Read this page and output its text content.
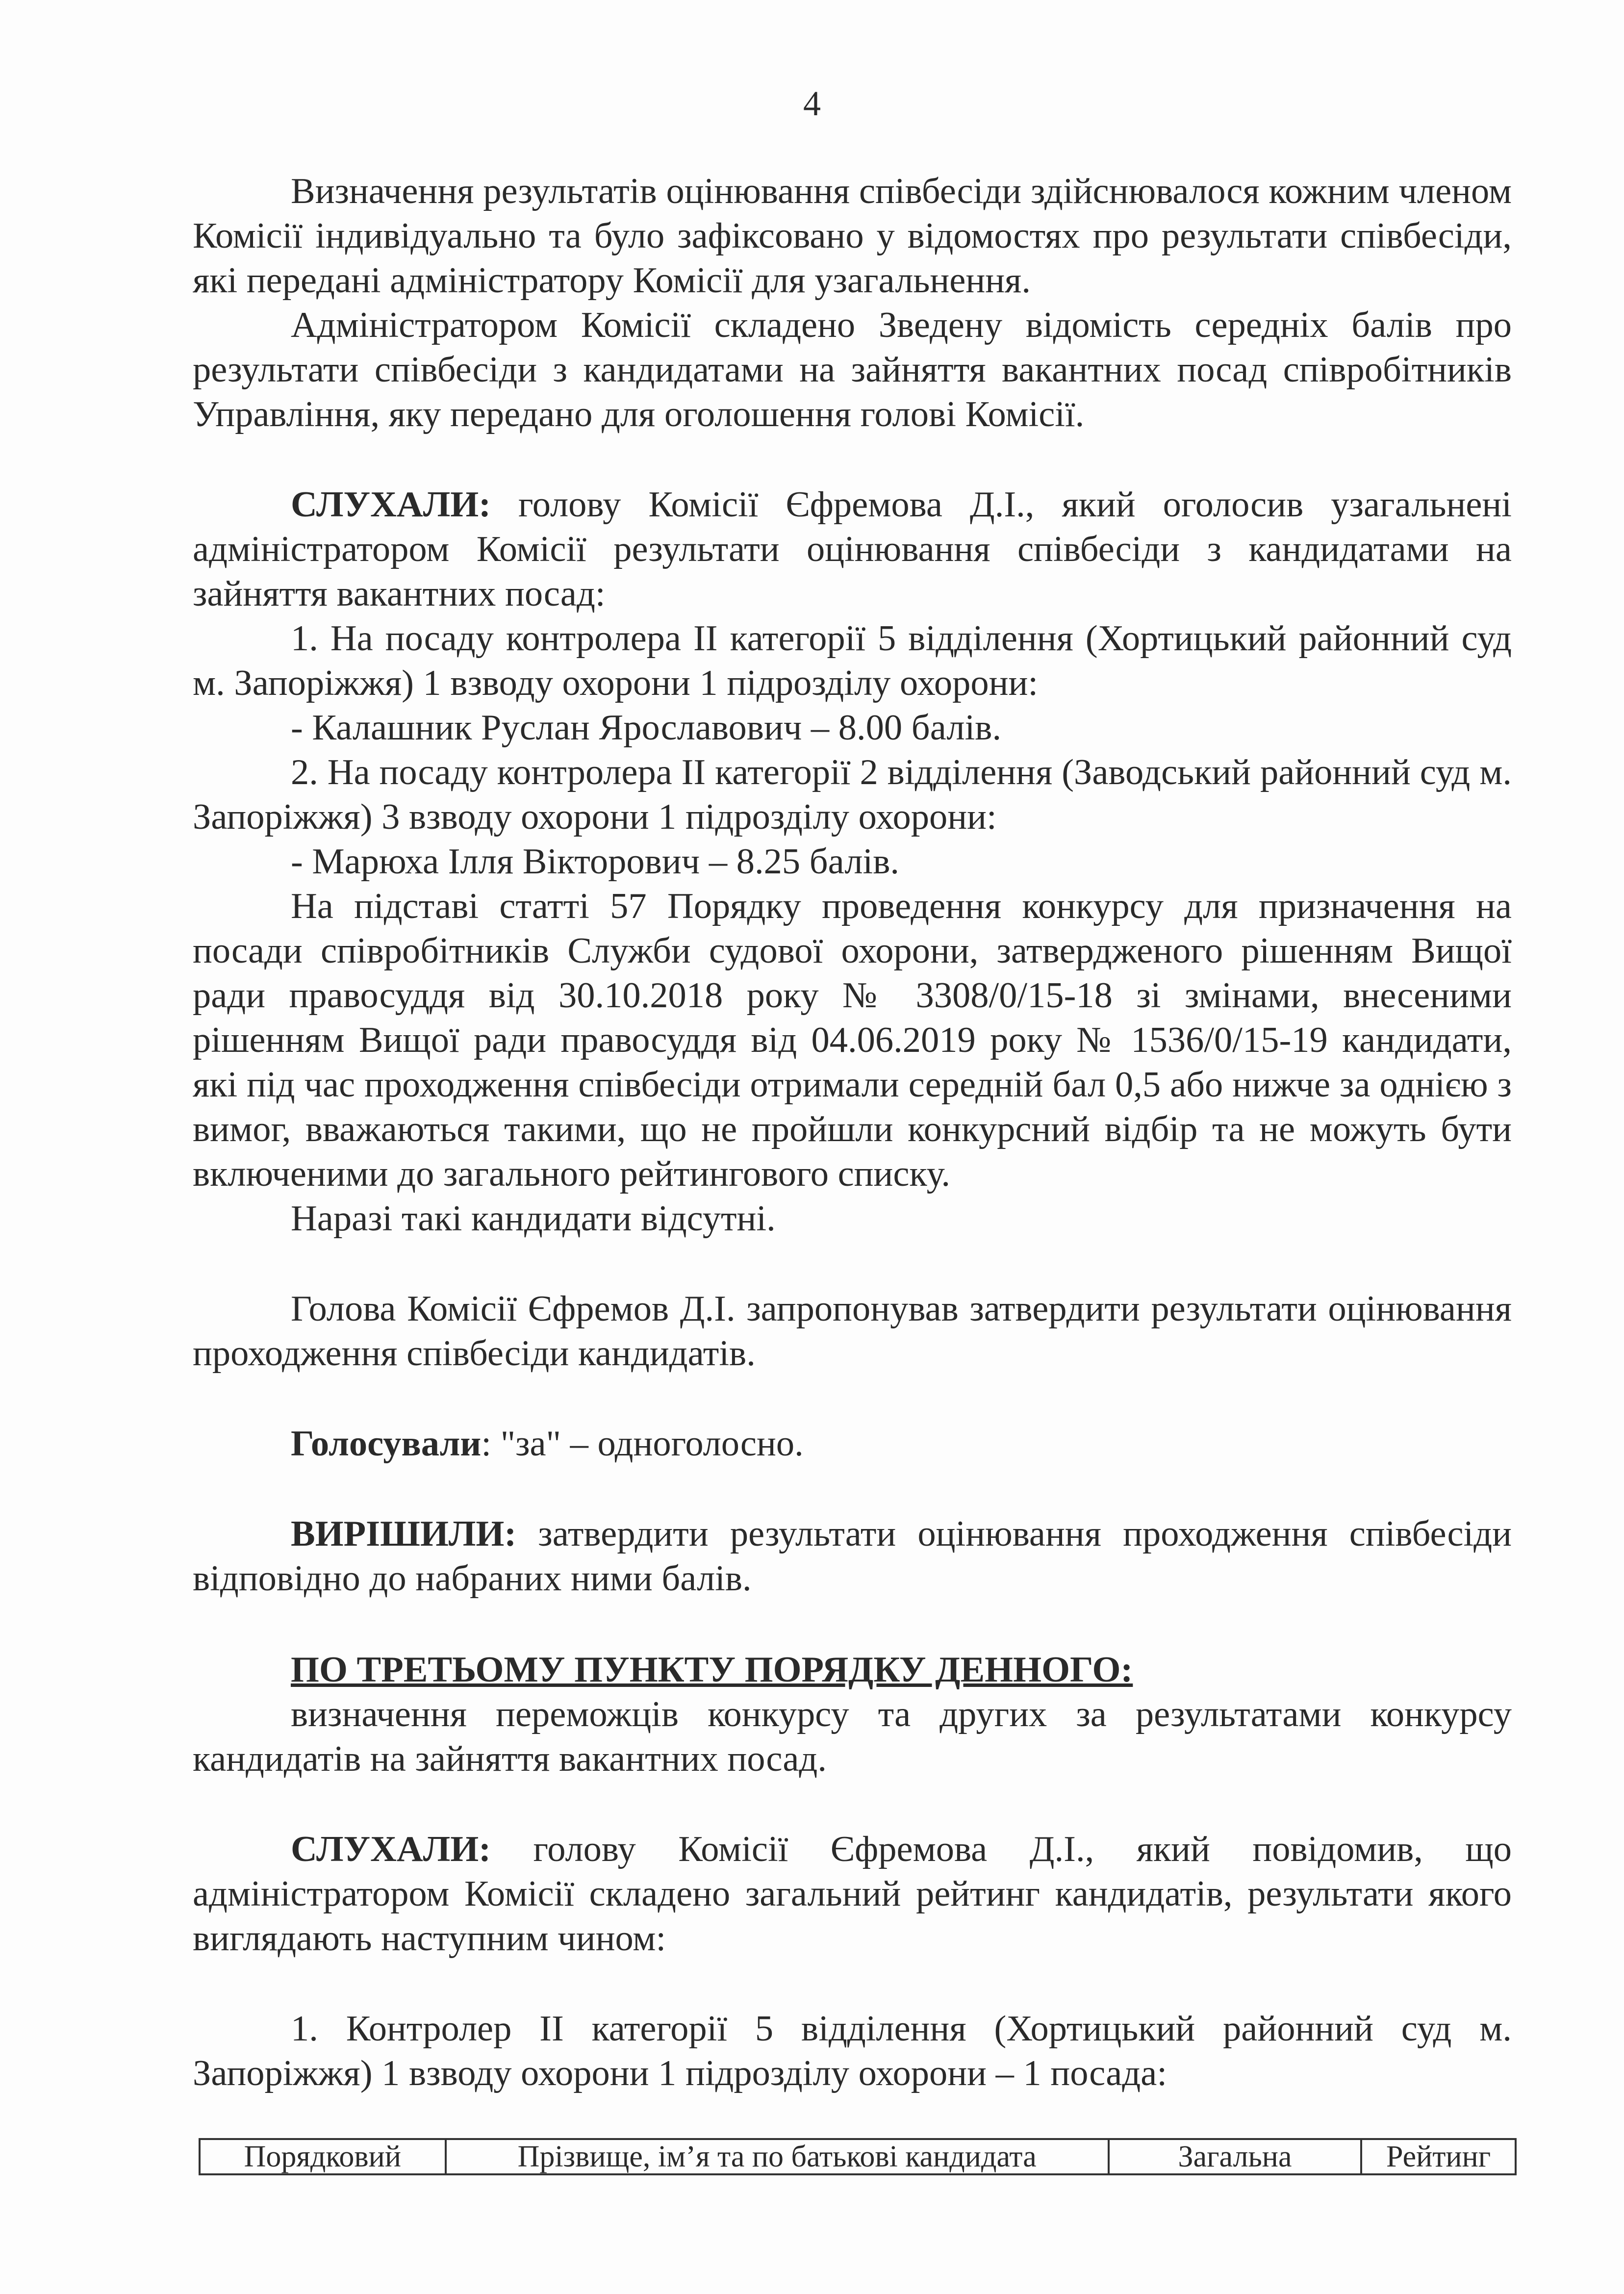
4

Визначення результатів оцінювання співбесіди здійснювалося кожним членом Комісії індивідуально та було зафіксовано у відомостях про результати співбесіди, які передані адміністратору Комісії для узагальнення.

Адміністратором Комісії складено Зведену відомість середніх балів про результати співбесіди з кандидатами на зайняття вакантних посад співробітників Управління, яку передано для оголошення голові Комісії.

СЛУХАЛИ: голову Комісії Єфремова Д.І., який оголосив узагальнені адміністратором Комісії результати оцінювання співбесіди з кандидатами на зайняття вакантних посад:

1. На посаду контролера ІІ категорії 5 відділення (Хортицький районний суд м. Запоріжжя) 1 взводу охорони 1 підрозділу охорони:

- Калашник Руслан Ярославович – 8.00 балів.

2. На посаду контролера ІІ категорії 2 відділення (Заводський районний суд м. Запоріжжя) 3 взводу охорони 1 підрозділу охорони:

- Марюха Ілля Вікторович – 8.25 балів.

На підставі статті 57 Порядку проведення конкурсу для призначення на посади співробітників Служби судової охорони, затвердженого рішенням Вищої ради правосуддя від 30.10.2018 року № 3308/0/15-18 зі змінами, внесеними рішенням Вищої ради правосуддя від 04.06.2019 року № 1536/0/15-19 кандидати, які під час проходження співбесіди отримали середній бал 0,5 або нижче за однією з вимог, вважаються такими, що не пройшли конкурсний відбір та не можуть бути включеними до загального рейтингового списку.

Наразі такі кандидати відсутні.

Голова Комісії Єфремов Д.І. запропонував затвердити результати оцінювання проходження співбесіди кандидатів.

Голосували: "за" – одноголосно.

ВИРІШИЛИ: затвердити результати оцінювання проходження співбесіди відповідно до набраних ними балів.

ПО ТРЕТЬОМУ ПУНКТУ ПОРЯДКУ ДЕННОГО:

визначення переможців конкурсу та других за результатами конкурсу кандидатів на зайняття вакантних посад.

СЛУХАЛИ: голову Комісії Єфремова Д.І., який повідомив, що адміністратором Комісії складено загальний рейтинг кандидатів, результати якого виглядають наступним чином:

1. Контролер ІІ категорії 5 відділення (Хортицький районний суд м. Запоріжжя) 1 взводу охорони 1 підрозділу охорони – 1 посада:

Порядковий	Прізвище, ім’я та по батькові кандидата	Загальна	Рейтинг
